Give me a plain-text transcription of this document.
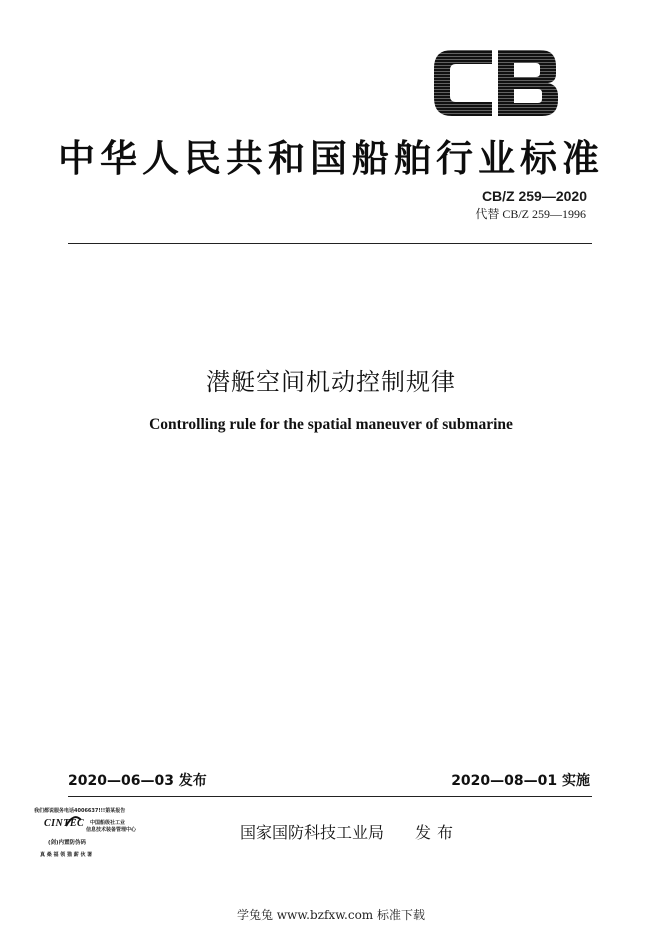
中华人民共和国船舶行业标准
CB/Z 259—2020
代替 CB/Z 259—1996
潜艇空间机动控制规律
Controlling rule for the spatial maneuver of submarine
2020—06—03 发布	2020—08—01 实施
我们都说服务电话4006637!!!第某报告
CINTEC 中国船级社工业
信息技术装备管理中心
(剑)内置防伪码
真 桑 福 领 猫 薪 伙 署
国家国防科技工业局 发布
学兔兔 www.bzfxw.com 标准下载
